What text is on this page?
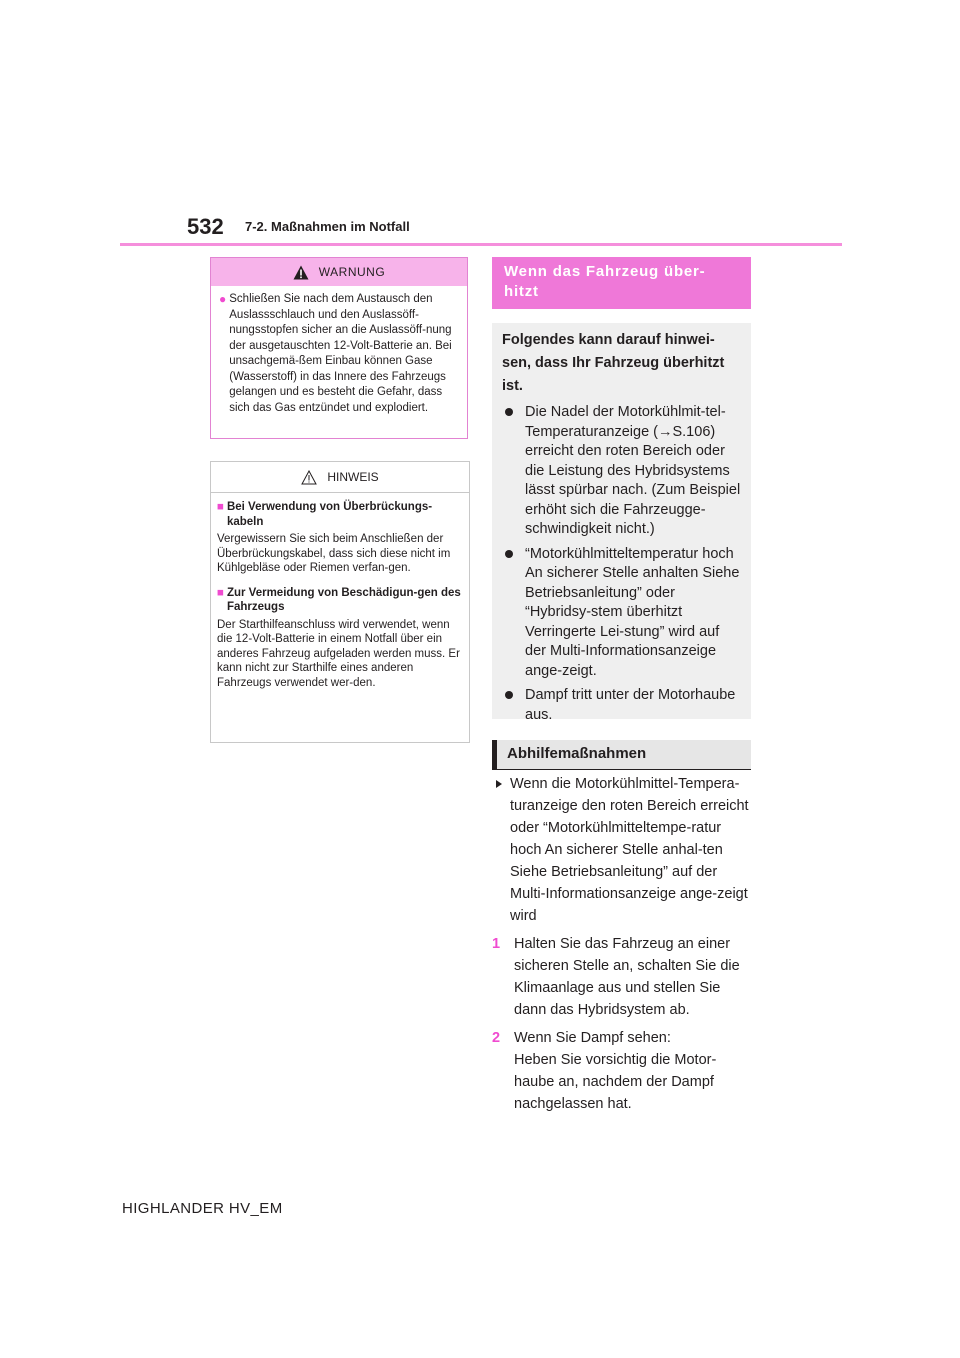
532 7-2. Maßnahmen im Notfall
WARNUNG
● Schließen Sie nach dem Austausch den Auslassschlauch und den Auslassöff-nungsstopfen sicher an die Auslassöff-nung der ausgetauschten 12-Volt-Batterie an. Bei unsachgemä-ßem Einbau können Gase (Wasserstoff) in das Innere des Fahrzeugs gelangen und es besteht die Gefahr, dass sich das Gas entzündet und explodiert.
HINWEIS
■ Bei Verwendung von Überbrückungs-kabeln
Vergewissern Sie sich beim Anschließen der Überbrückungskabel, dass sich diese nicht im Kühlgebläse oder Riemen verfan-gen.
■ Zur Vermeidung von Beschädigun-gen des Fahrzeugs
Der Starthilfeanschluss wird verwendet, wenn die 12-Volt-Batterie in einem Notfall über ein anderes Fahrzeug aufgeladen werden muss. Er kann nicht zur Starthilfe eines anderen Fahrzeugs verwendet wer-den.
Wenn das Fahrzeug über-hitzt
Folgendes kann darauf hinwei-sen, dass Ihr Fahrzeug überhitzt ist.
Die Nadel der Motorkühlmit-tel-Temperaturanzeige (→S.106) erreicht den roten Bereich oder die Leistung des Hybridsystems lässt spürbar nach. (Zum Beispiel erhöht sich die Fahrzeugge-schwindigkeit nicht.)
“Motorkühlmitteltemperatur hoch An sicherer Stelle anhalten Siehe Betriebsanleitung” oder “Hybridsy-stem überhitzt Verringerte Lei-stung” wird auf der Multi-Informationsanzeige ange-zeigt.
Dampf tritt unter der Motorhaube aus.
Abhilfemaßnahmen
Wenn die Motorkühlmittel-Tempera-turanzeige den roten Bereich erreicht oder “Motorkühlmitteltempe-ratur hoch An sicherer Stelle anhal-ten Siehe Betriebsanleitung” auf der Multi-Informationsanzeige ange-zeigt wird
1 Halten Sie das Fahrzeug an einer sicheren Stelle an, schalten Sie die Klimaanlage aus und stellen Sie dann das Hybridsystem ab.
2 Wenn Sie Dampf sehen:
Heben Sie vorsichtig die Motor-haube an, nachdem der Dampf nachgelassen hat.
HIGHLANDER HV_EM
